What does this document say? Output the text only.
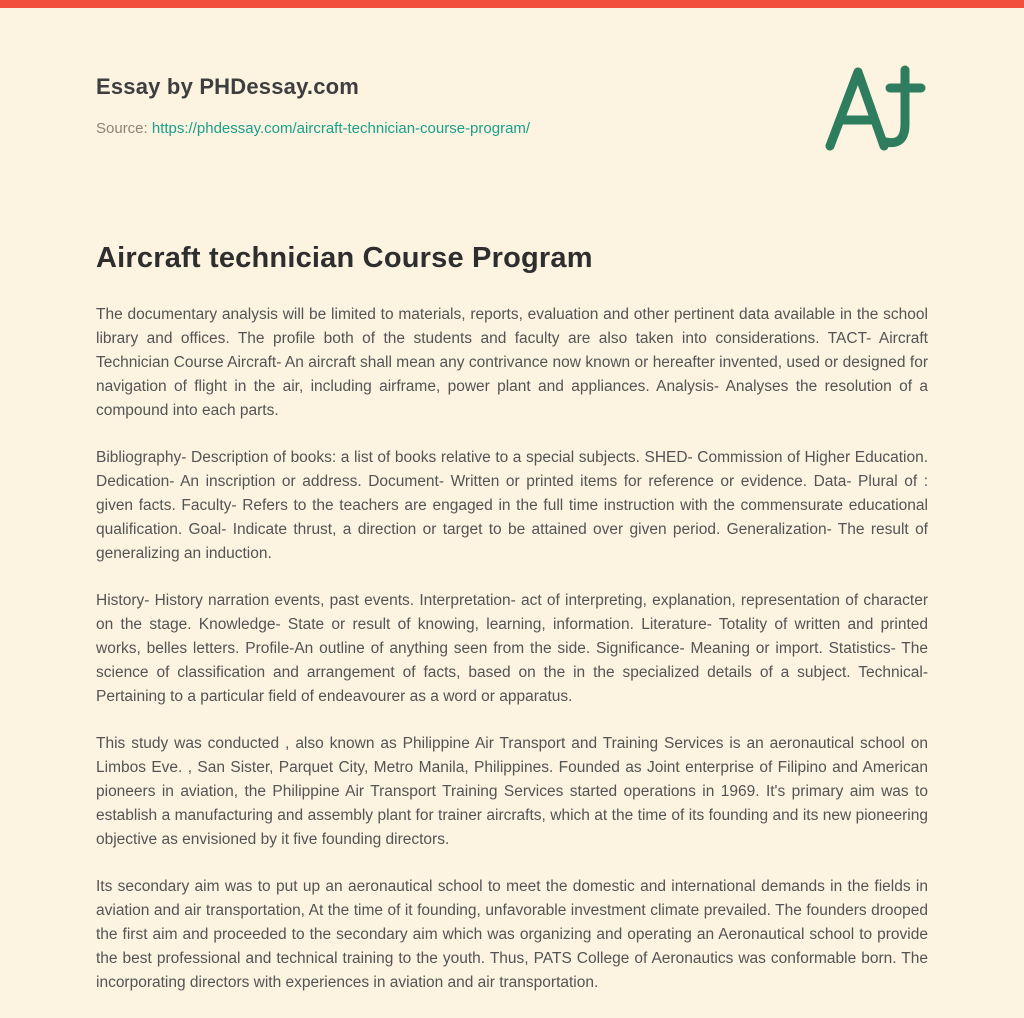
Essay by PHDessay.com
Source: https://phdessay.com/aircraft-technician-course-program/
Aircraft technician Course Program

The documentary analysis will be limited to materials, reports, evaluation and other pertinent data available in the school library and offices. The profile both of the students and faculty are also taken into considerations. TACT- Aircraft Technician Course Aircraft- An aircraft shall mean any contrivance now known or hereafter invented, used or designed for navigation of flight in the air, including airframe, power plant and appliances. Analysis- Analyses the resolution of a compound into each parts.

Bibliography- Description of books: a list of books relative to a special subjects. SHED- Commission of Higher Education. Dedication- An inscription or address. Document- Written or printed items for reference or evidence. Data- Plural of : given facts. Faculty- Refers to the teachers are engaged in the full time instruction with the commensurate educational qualification. Goal- Indicate thrust, a direction or target to be attained over given period. Generalization- The result of generalizing an induction.

History- History narration events, past events. Interpretation- act of interpreting, explanation, representation of character on the stage. Knowledge- State or result of knowing, learning, information. Literature- Totality of written and printed works, belles letters. Profile-An outline of anything seen from the side. Significance- Meaning or import. Statistics- The science of classification and arrangement of facts, based on the in the specialized details of a subject. Technical- Pertaining to a particular field of endeavourer as a word or apparatus.

This study was conducted , also known as Philippine Air Transport and Training Services is an aeronautical school on Limbos Eve. , San Sister, Parquet City, Metro Manila, Philippines. Founded as Joint enterprise of Filipino and American pioneers in aviation, the Philippine Air Transport Training Services started operations in 1969. It's primary aim was to establish a manufacturing and assembly plant for trainer aircrafts, which at the time of its founding and its new pioneering objective as envisioned by it five founding directors.

Its secondary aim was to put up an aeronautical school to meet the domestic and international demands in the fields in aviation and air transportation, At the time of it founding, unfavorable investment climate prevailed. The founders drooped the first aim and proceeded to the secondary aim which was organizing and operating an Aeronautical school to provide the best professional and technical training to the youth. Thus, PATS College of Aeronautics was conformable born. The incorporating directors with experiences in aviation and air transportation.
